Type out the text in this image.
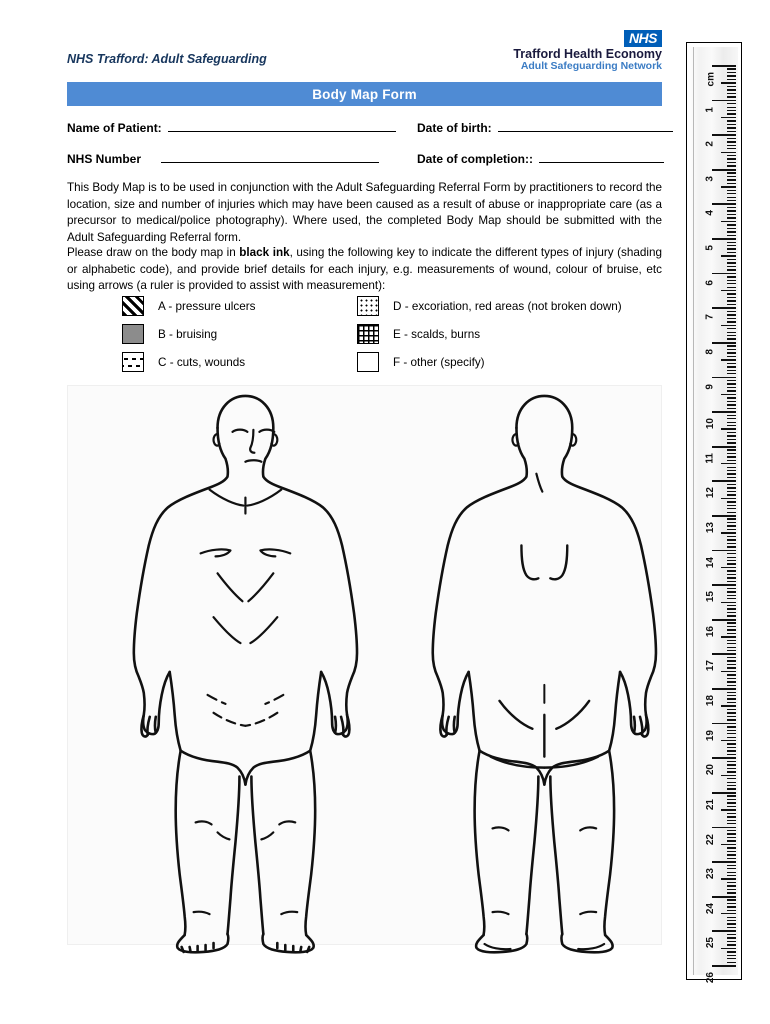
NHS Trafford: Adult Safeguarding
NHS
Trafford Health Economy
Adult Safeguarding Network
Body Map Form
Name of Patient:	Date of birth:
NHS Number	Date of completion::
This Body Map is to be used in conjunction with the Adult Safeguarding Referral Form by practitioners to record the location, size and number of injuries which may have been caused as a result of abuse or inappropriate care (as a precursor to medical/police photography). Where used, the completed Body Map should be submitted with the Adult Safeguarding Referral form.
Please draw on the body map in black ink, using the following key to indicate the different types of injury (shading or alphabetic code), and provide brief details for each injury, e.g. measurements of wound, colour of bruise, etc using arrows (a ruler is provided to assist with measurement):
A - pressure ulcers
B - bruising
C - cuts, wounds
D - excoriation, red areas (not broken down)
E - scalds, burns
F - other (specify)
cm
1
2
3
4
5
6
7
8
9
10
11
12
13
14
15
16
17
18
19
20
21
22
23
24
25
26
